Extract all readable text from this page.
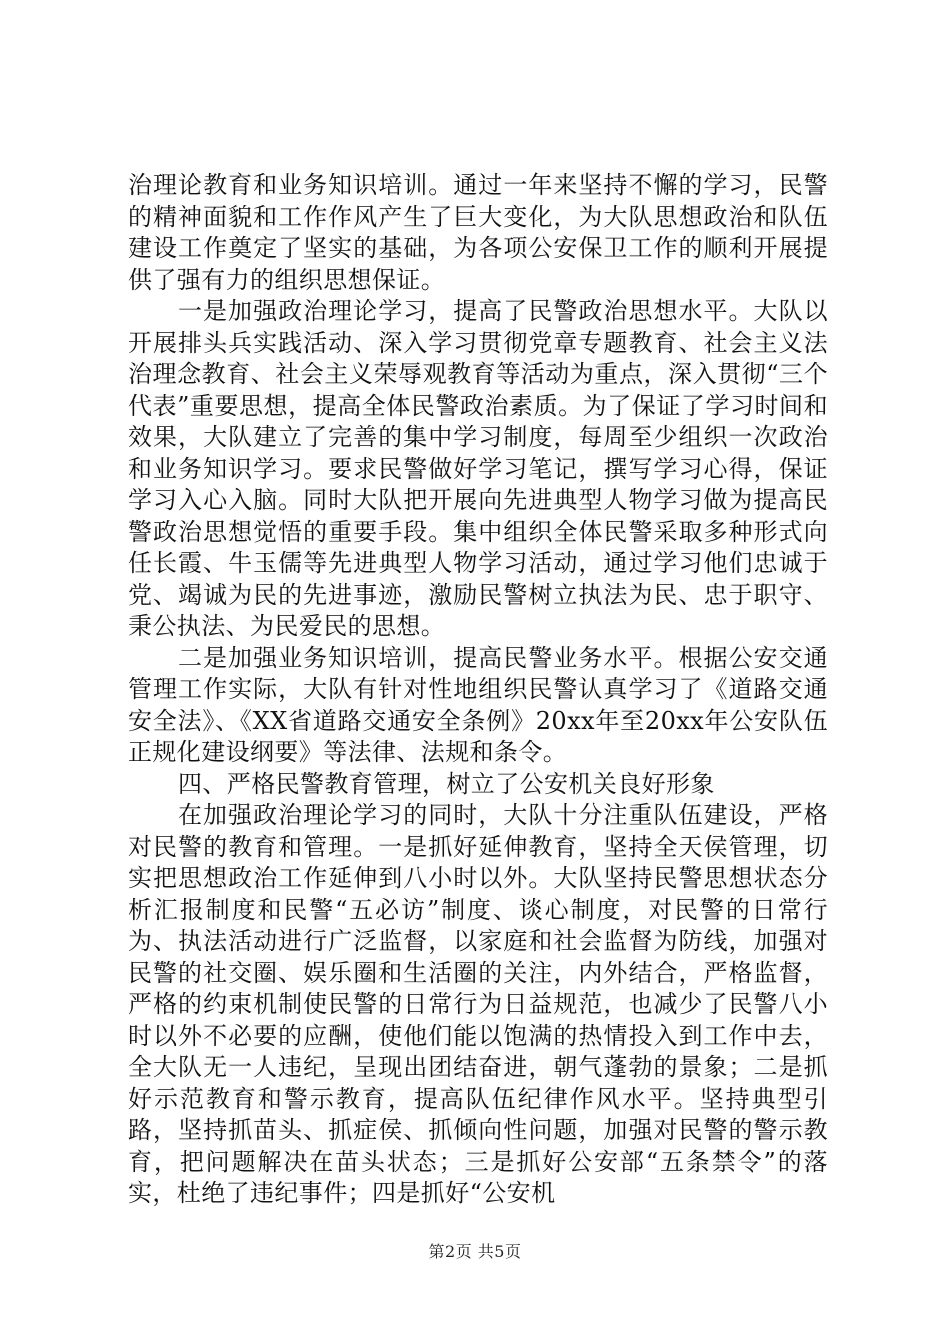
治理论教育和业务知识培训。通过一年来坚持不懈的学习，民警的精神面貌和工作作风产生了巨大变化，为大队思想政治和队伍建设工作奠定了坚实的基础，为各项公安保卫工作的顺利开展提供了强有力的组织思想保证。

一是加强政治理论学习，提高了民警政治思想水平。大队以开展排头兵实践活动、深入学习贯彻党章专题教育、社会主义法治理念教育、社会主义荣辱观教育等活动为重点，深入贯彻“三个代表”重要思想，提高全体民警政治素质。为了保证了学习时间和效果，大队建立了完善的集中学习制度，每周至少组织一次政治和业务知识学习。要求民警做好学习笔记，撰写学习心得，保证学习入心入脑。同时大队把开展向先进典型人物学习做为提高民警政治思想觉悟的重要手段。集中组织全体民警采取多种形式向任长霞、牛玉儒等先进典型人物学习活动，通过学习他们忠诚于党、竭诚为民的先进事迹，激励民警树立执法为民、忠于职守、秉公执法、为民爱民的思想。

二是加强业务知识培训，提高民警业务水平。根据公安交通管理工作实际，大队有针对性地组织民警认真学习了《道路交通安全法》、《XX省道路交通安全条例》20xx年至20xx年公安队伍正规化建设纲要》等法律、法规和条令。

四、严格民警教育管理，树立了公安机关良好形象

在加强政治理论学习的同时，大队十分注重队伍建设，严格对民警的教育和管理。一是抓好延伸教育，坚持全天侯管理，切实把思想政治工作延伸到八小时以外。大队坚持民警思想状态分析汇报制度和民警“五必访”制度、谈心制度，对民警的日常行为、执法活动进行广泛监督，以家庭和社会监督为防线，加强对民警的社交圈、娱乐圈和生活圈的关注，内外结合，严格监督，严格的约束机制使民警的日常行为日益规范，也减少了民警八小时以外不必要的应酬，使他们能以饱满的热情投入到工作中去，全大队无一人违纪，呈现出团结奋进，朝气蓬勃的景象；二是抓好示范教育和警示教育，提高队伍纪律作风水平。坚持典型引路，坚持抓苗头、抓症侯、抓倾向性问题，加强对民警的警示教育，把问题解决在苗头状态；三是抓好公安部“五条禁令”的落实，杜绝了违纪事件；四是抓好“公安机

第2页 共5页
